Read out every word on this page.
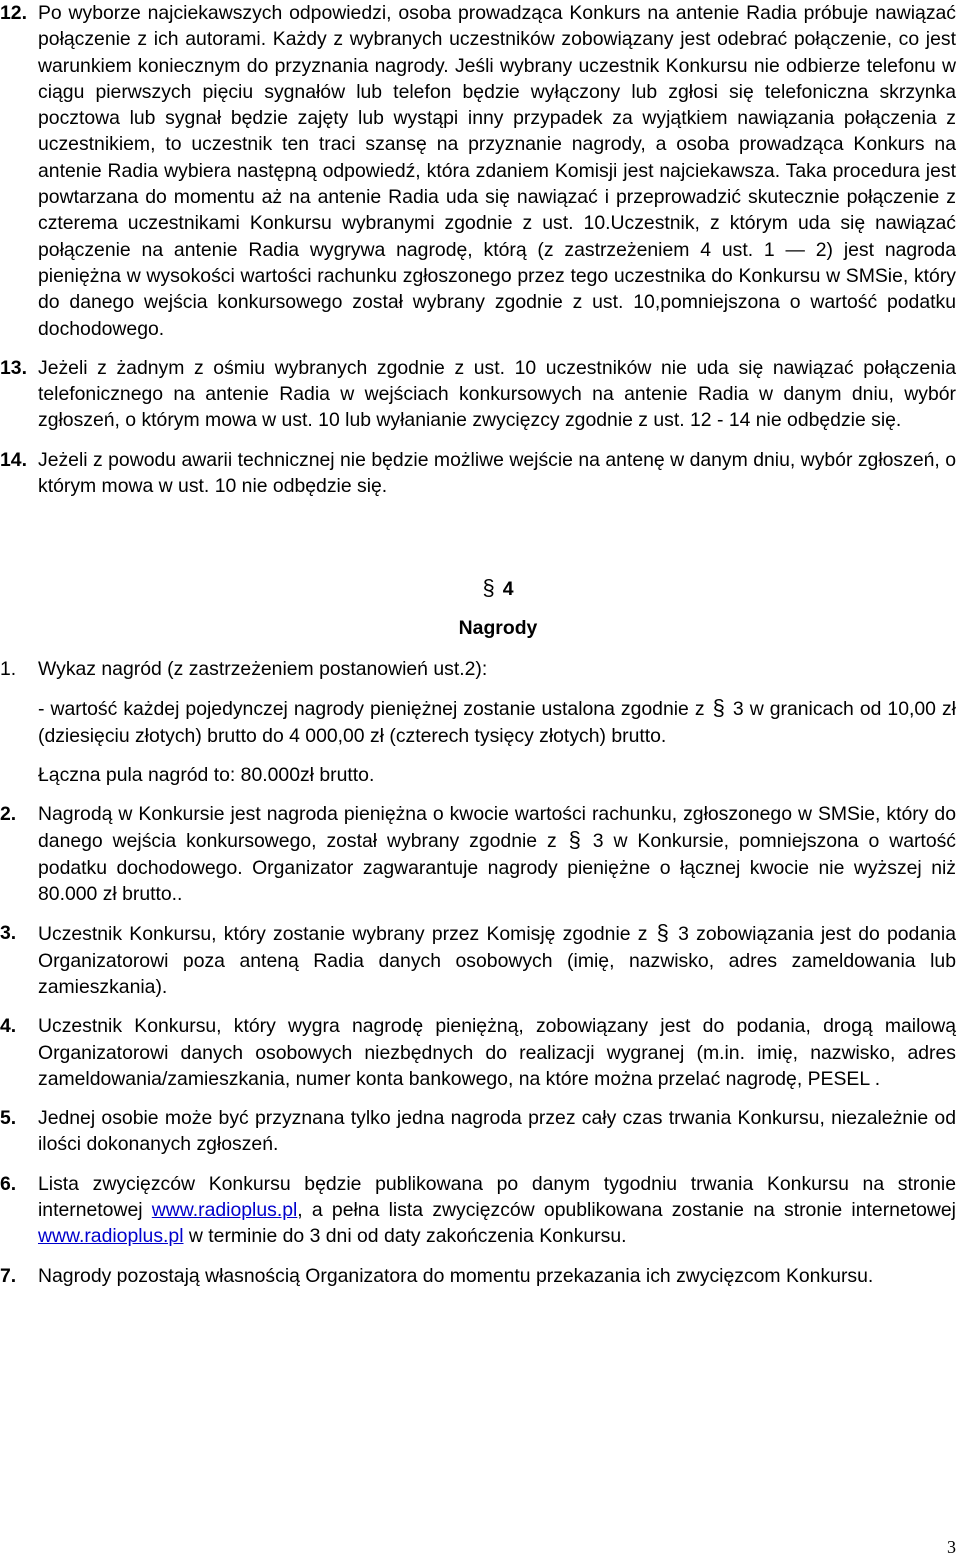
12. Po wyborze najciekawszych odpowiedzi, osoba prowadząca Konkurs na antenie Radia próbuje nawiązać połączenie z ich autorami. Każdy z wybranych uczestników zobowiązany jest odebrać połączenie, co jest warunkiem koniecznym do przyznania nagrody. Jeśli wybrany uczestnik Konkursu nie odbierze telefonu w ciągu pierwszych pięciu sygnałów lub telefon będzie wyłączony lub zgłosi się telefoniczna skrzynka pocztowa lub sygnał będzie zajęty lub wystąpi inny przypadek za wyjątkiem nawiązania połączenia z uczestnikiem, to uczestnik ten traci szansę na przyznanie nagrody, a osoba prowadząca Konkurs na antenie Radia wybiera następną odpowiedź, która zdaniem Komisji jest najciekawsza. Taka procedura jest powtarzana do momentu aż na antenie Radia uda się nawiązać i przeprowadzić skutecznie połączenie z czterema uczestnikami Konkursu wybranymi zgodnie z ust. 10.Uczestnik, z którym uda się nawiązać połączenie na antenie Radia wygrywa nagrodę, którą (z zastrzeżeniem 4 ust. 1 — 2) jest nagroda pieniężna w wysokości wartości rachunku zgłoszonego przez tego uczestnika do Konkursu w SMSie, który do danego wejścia konkursowego został wybrany zgodnie z ust. 10,pomniejszona o wartość podatku dochodowego.

13. Jeżeli z żadnym z ośmiu wybranych zgodnie z ust. 10 uczestników nie uda się nawiązać połączenia telefonicznego na antenie Radia w wejściach konkursowych na antenie Radia w danym dniu, wybór zgłoszeń, o którym mowa w ust. 10 lub wyłanianie zwycięzcy zgodnie z ust. 12 - 14 nie odbędzie się.

14. Jeżeli z powodu awarii technicznej nie będzie możliwe wejście na antenę w danym dniu, wybór zgłoszeń, o którym mowa w ust. 10 nie odbędzie się.

§ 4
Nagrody
1. Wykaz nagród (z zastrzeżeniem postanowień ust.2):

- wartość każdej pojedynczej nagrody pieniężnej zostanie ustalona zgodnie z § 3 w granicach od 10,00 zł (dziesięciu złotych) brutto do 4 000,00 zł (czterech tysięcy złotych) brutto.

Łączna pula nagród to: 80.000zł brutto.
2. Nagrodą w Konkursie jest nagroda pieniężna o kwocie wartości rachunku, zgłoszonego w SMSie, który do danego wejścia konkursowego, został wybrany zgodnie z § 3 w Konkursie, pomniejszona o wartość podatku dochodowego. Organizator zagwarantuje nagrody pieniężne o łącznej kwocie nie wyższej niż 80.000 zł brutto..

3. Uczestnik Konkursu, który zostanie wybrany przez Komisję zgodnie z § 3 zobowiązania jest do podania Organizatorowi poza anteną Radia danych osobowych (imię, nazwisko, adres zameldowania lub zamieszkania).

4. Uczestnik Konkursu, który wygra nagrodę pieniężną, zobowiązany jest do podania, drogą mailową Organizatorowi danych osobowych niezbędnych do realizacji wygranej (m.in. imię, nazwisko, adres zameldowania/zamieszkania, numer konta bankowego, na które można przelać nagrodę, PESEL .

5. Jednej osobie może być przyznana tylko jedna nagroda przez cały czas trwania Konkursu, niezależnie od ilości dokonanych zgłoszeń.

6. Lista zwycięzców Konkursu będzie publikowana po danym tygodniu trwania Konkursu na stronie internetowej www.radioplus.pl, a pełna lista zwycięzców opublikowana zostanie na stronie internetowej www.radioplus.pl w terminie do 3 dni od daty zakończenia Konkursu.

7. Nagrody pozostają własnością Organizatora do momentu przekazania ich zwycięzcom Konkursu.

3
